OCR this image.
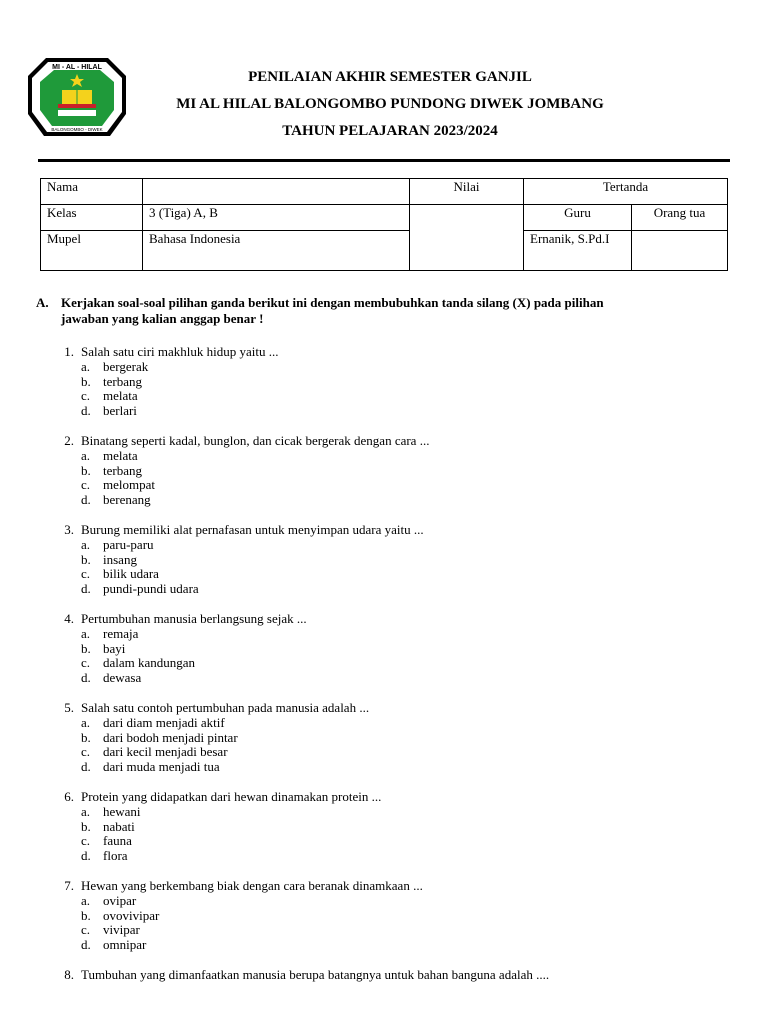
MI - AL - HILAL
BALONGOMBO - DIWEK
PENILAIAN AKHIR SEMESTER GANJIL
MI AL HILAL BALONGOMBO PUNDONG DIWEK JOMBANG
TAHUN PELAJARAN 2023/2024
Nama		Nilai	Tertanda	
Kelas	3 (Tiga) A, B		Guru	Orang tua
Mupel	Bahasa Indonesia		Ernanik, S.Pd.I	
A. Kerjakan soal-soal pilihan ganda berikut ini dengan membubuhkan tanda silang (X) pada pilihan
jawaban yang kalian anggap benar !
1. Salah satu ciri makhluk hidup yaitu ...
a. bergerak
b. terbang
c. melata
d. berlari
2. Binatang seperti kadal, bunglon, dan cicak bergerak dengan cara ...
a. melata
b. terbang
c. melompat
d. berenang
3. Burung memiliki alat pernafasan untuk menyimpan udara yaitu ...
a. paru-paru
b. insang
c. bilik udara
d. pundi-pundi udara
4. Pertumbuhan manusia berlangsung sejak ...
a. remaja
b. bayi
c. dalam kandungan
d. dewasa
5. Salah satu contoh pertumbuhan pada manusia adalah ...
a. dari diam menjadi aktif
b. dari bodoh menjadi pintar
c. dari kecil menjadi besar
d. dari muda menjadi tua
6. Protein yang didapatkan dari hewan dinamakan protein ...
a. hewani
b. nabati
c. fauna
d. flora
7. Hewan yang berkembang biak dengan cara beranak dinamkaan ...
a. ovipar
b. ovovivipar
c. vivipar
d. omnipar
8. Tumbuhan yang dimanfaatkan manusia berupa batangnya untuk bahan banguna adalah ....
